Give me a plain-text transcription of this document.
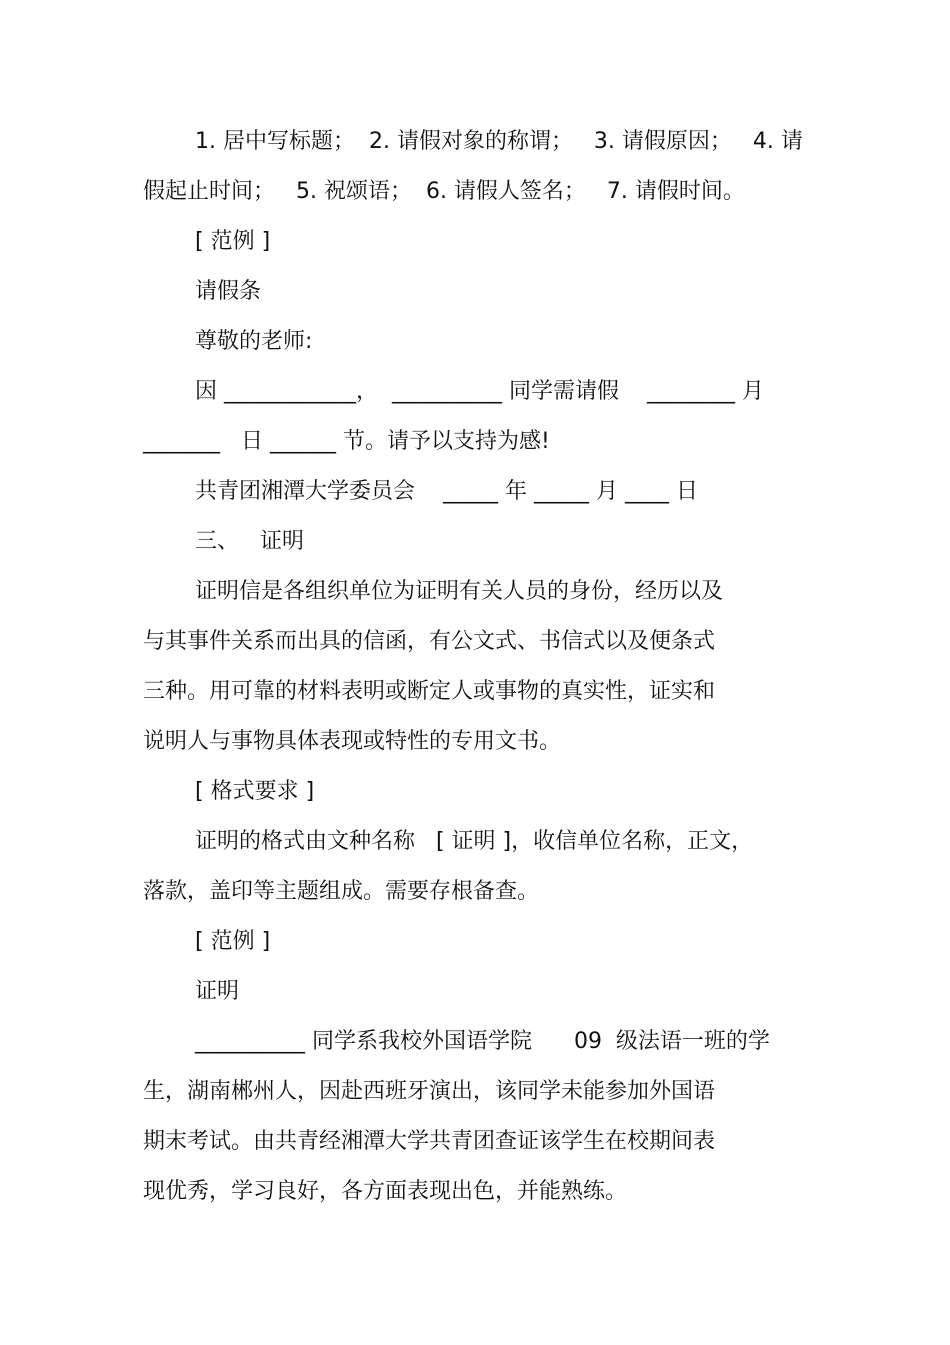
1. 居中写标题；  2. 请假对象的称谓；   3. 请假原因；   4. 请
假起止时间；   5. 祝颂语；  6. 请假人签名；   7. 请假时间。
[ 范例 ]
请假条
尊敬的老师:
因 ____________，  __________ 同学需请假    ________ 月
_______   日 ______ 节。请予以支持为感!
共青团湘潭大学委员会    _____ 年 _____ 月 ____ 日
三、   证明
证明信是各组织单位为证明有关人员的身份，经历以及
与其事件关系而出具的信函，有公文式、书信式以及便条式
三种。用可靠的材料表明或断定人或事物的真实性，证实和
说明人与事物具体表现或特性的专用文书。
[ 格式要求 ]
证明的格式由文种名称   [ 证明 ]，收信单位名称，正文，
落款，盖印等主题组成。需要存根备查。
[ 范例 ]
证明
__________ 同学系我校外国语学院      09  级法语一班的学
生，湖南郴州人，因赴西班牙演出，该同学未能参加外国语
期末考试。由共青经湘潭大学共青团查证该学生在校期间表
现优秀，学习良好，各方面表现出色，并能熟练。
